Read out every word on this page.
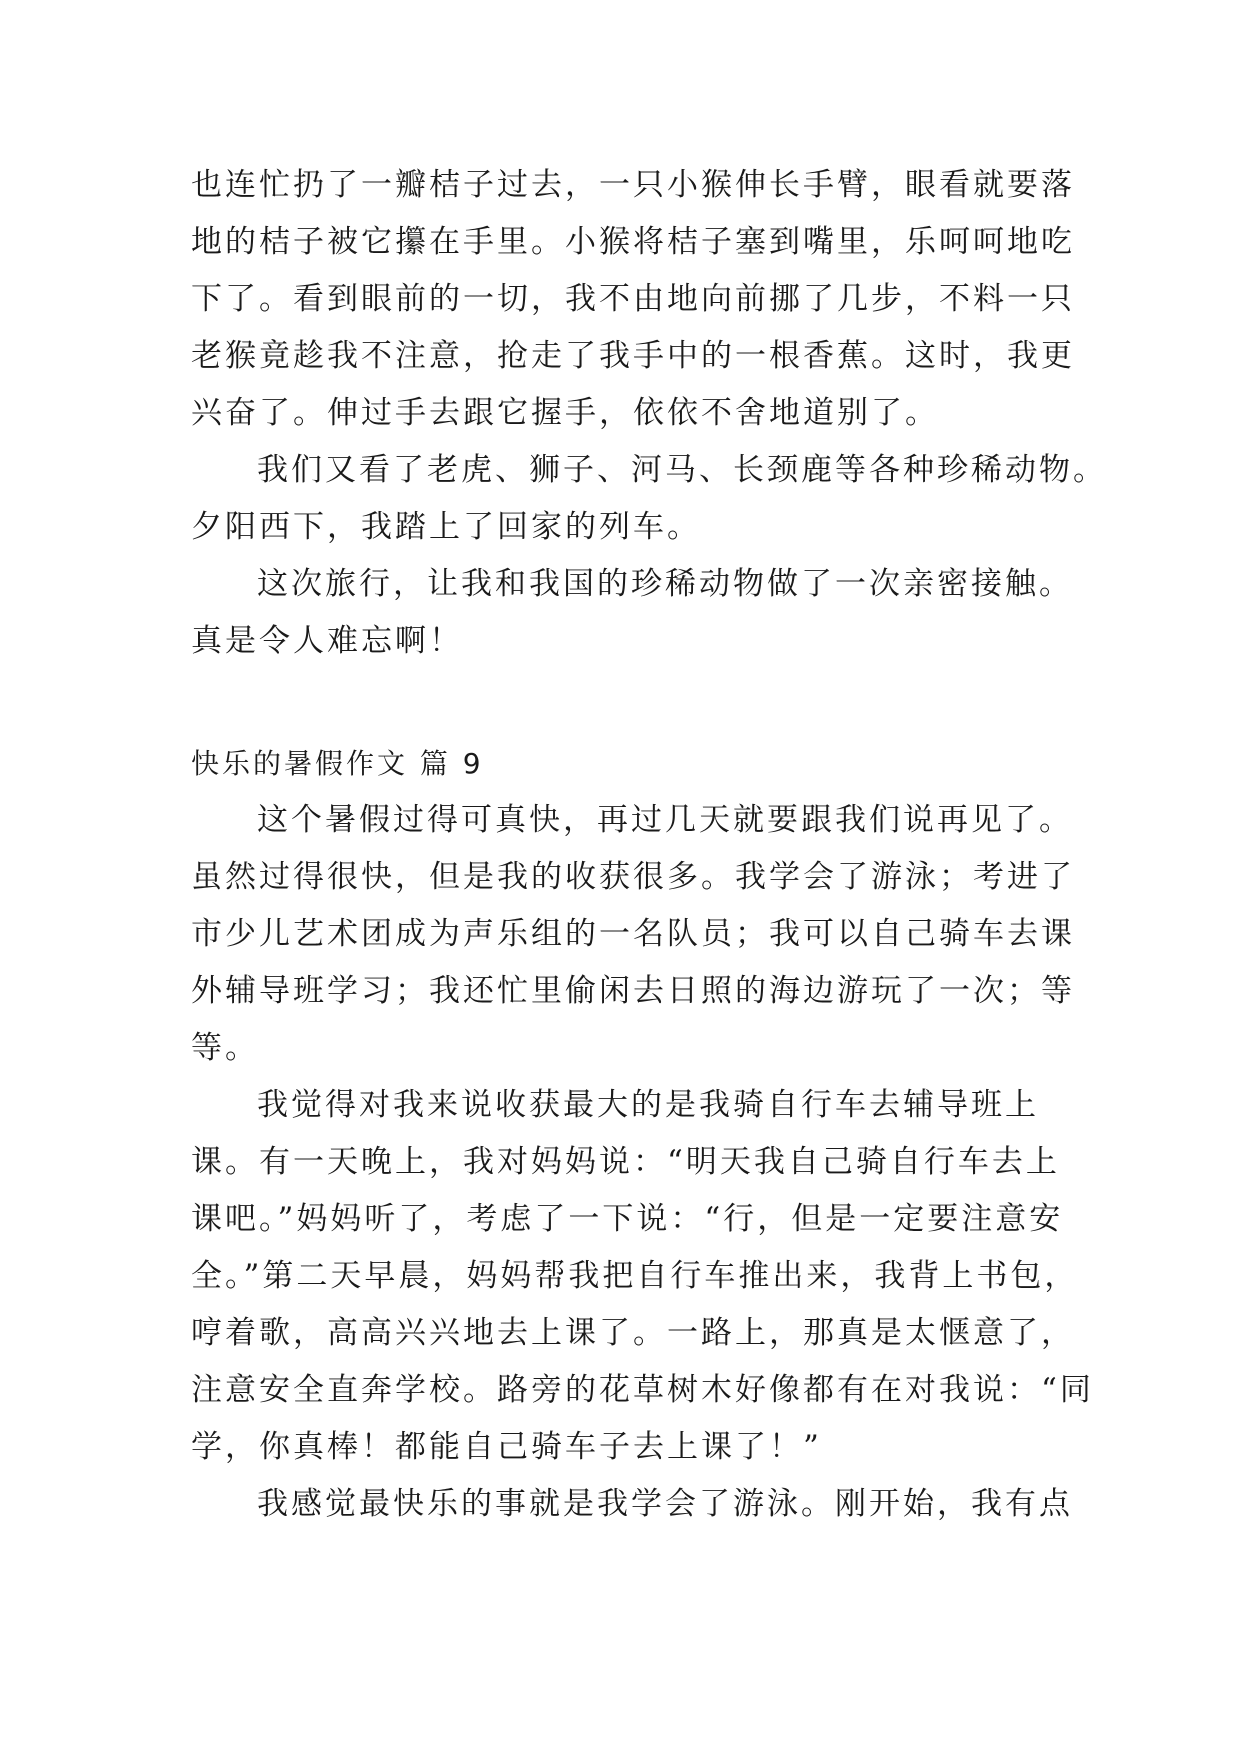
也连忙扔了一瓣桔子过去，一只小猴伸长手臂，眼看就要落
地的桔子被它攥在手里。小猴将桔子塞到嘴里，乐呵呵地吃
下了。看到眼前的一切，我不由地向前挪了几步，不料一只
老猴竟趁我不注意，抢走了我手中的一根香蕉。这时，我更
兴奋了。伸过手去跟它握手，依依不舍地道别了。
我们又看了老虎、狮子、河马、长颈鹿等各种珍稀动物。
夕阳西下，我踏上了回家的列车。
这次旅行，让我和我国的珍稀动物做了一次亲密接触。
真是令人难忘啊！
快乐的暑假作文 篇 9
这个暑假过得可真快，再过几天就要跟我们说再见了。
虽然过得很快，但是我的收获很多。我学会了游泳；考进了
市少儿艺术团成为声乐组的一名队员；我可以自己骑车去课
外辅导班学习；我还忙里偷闲去日照的海边游玩了一次；等
等。
我觉得对我来说收获最大的是我骑自行车去辅导班上
课。有一天晚上，我对妈妈说：“明天我自己骑自行车去上
课吧。”妈妈听了，考虑了一下说：“行，但是一定要注意安
全。”第二天早晨，妈妈帮我把自行车推出来，我背上书包，
哼着歌，高高兴兴地去上课了。一路上，那真是太惬意了，
注意安全直奔学校。路旁的花草树木好像都有在对我说：“同
学，你真棒！都能自己骑车子去上课了！”
我感觉最快乐的事就是我学会了游泳。刚开始，我有点
